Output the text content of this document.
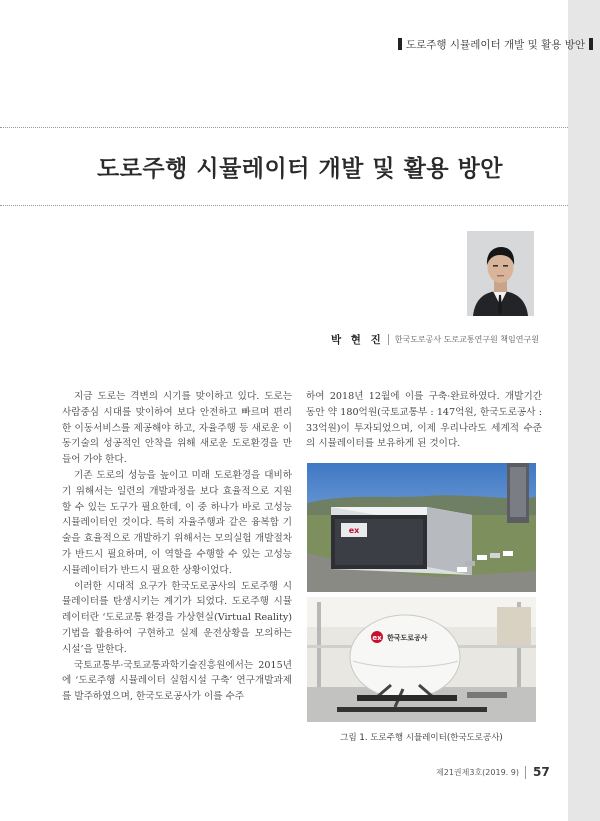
도로주행 시뮬레이터 개발 및 활용 방안
도로주행 시뮬레이터 개발 및 활용 방안
박 현 진 한국도로공사 도로교통연구원 책임연구원

지금 도로는 격변의 시기를 맞이하고 있다. 도로는 사람중심 시대를 맞이하여 보다 안전하고 빠르며 편리한 이동서비스를 제공해야 하고, 자율주행 등 새로운 이동기술의 성공적인 안착을 위해 새로운 도로환경을 만들어 가야 한다.

기존 도로의 성능을 높이고 미래 도로환경을 대비하기 위해서는 일련의 개발과정을 보다 효율적으로 지원할 수 있는 도구가 필요한데, 이 중 하나가 바로 고성능 시뮬레이터인 것이다. 특히 자율주행과 같은 융복합 기술을 효율적으로 개발하기 위해서는 모의실험 개발절차가 반드시 필요하며, 이 역할을 수행할 수 있는 고성능 시뮬레이터가 반드시 필요한 상황이었다.

이러한 시대적 요구가 한국도로공사의 도로주행 시뮬레이터를 탄생시키는 계기가 되었다. 도로주행 시뮬레이터란 ‘도로교통 환경을 가상현실(Virtual Reality) 기법을 활용하여 구현하고 실제 운전상황을 모의하는 시설’을 말한다.

국토교통부·국토교통과학기술진흥원에서는 2015년에 ‘도로주행 시뮬레이터 실험시설 구축’ 연구개발과제를 발주하였으며, 한국도로공사가 이를 수주

하여 2018년 12월에 이를 구축·완료하였다. 개발기간 동안 약 180억원(국토교통부 : 147억원, 한국도로공사 : 33억원)이 투자되었으며, 이제 우리나라도 세계적 수준의 시뮬레이터를 보유하게 된 것이다.

ex
ex 한국도로공사
그림 1. 도로주행 시뮬레이터(한국도로공사)
제21권제3호(2019. 9) 57
